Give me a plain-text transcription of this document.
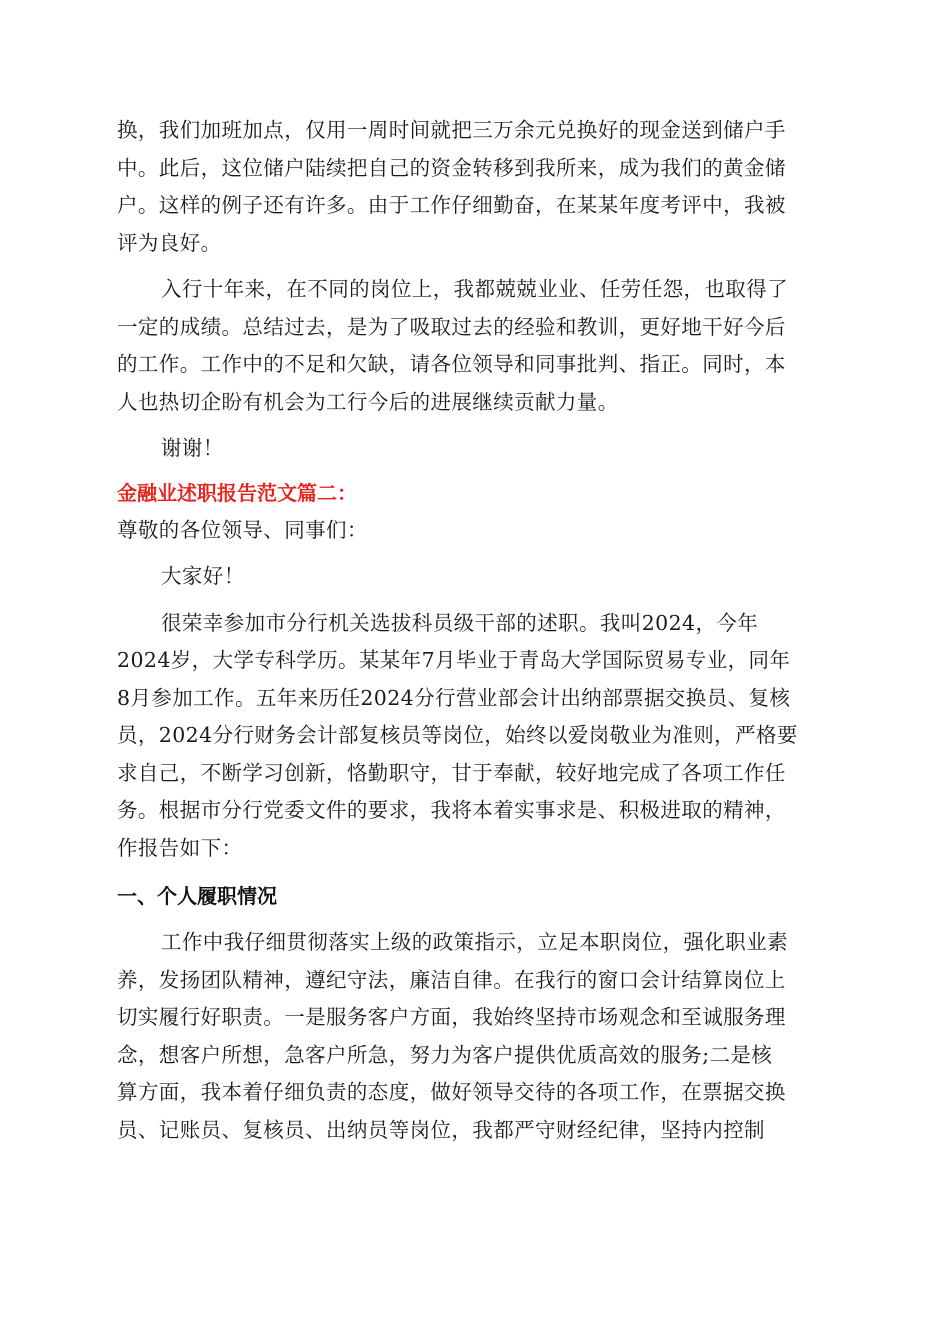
换，我们加班加点，仅用一周时间就把三万余元兑换好的现金送到储户手
中。此后，这位储户陆续把自己的资金转移到我所来，成为我们的黄金储
户。这样的例子还有许多。由于工作仔细勤奋，在某某年度考评中，我被
评为良好。

入行十年来，在不同的岗位上，我都兢兢业业、任劳任怨，也取得了
一定的成绩。总结过去，是为了吸取过去的经验和教训，更好地干好今后
的工作。工作中的不足和欠缺，请各位领导和同事批判、指正。同时，本
人也热切企盼有机会为工行今后的进展继续贡献力量。

谢谢！

金融业述职报告范文篇二：

尊敬的各位领导、同事们：

大家好！

很荣幸参加市分行机关选拔科员级干部的述职。我叫2024，今年
2024岁，大学专科学历。某某年7月毕业于青岛大学国际贸易专业，同年
8月参加工作。五年来历任2024分行营业部会计出纳部票据交换员、复核
员，2024分行财务会计部复核员等岗位，始终以爱岗敬业为准则，严格要
求自己，不断学习创新，恪勤职守，甘于奉献，较好地完成了各项工作任
务。根据市分行党委文件的要求，我将本着实事求是、积极进取的精神，
作报告如下：

一、个人履职情况

工作中我仔细贯彻落实上级的政策指示，立足本职岗位，强化职业素
养，发扬团队精神，遵纪守法，廉洁自律。在我行的窗口会计结算岗位上
切实履行好职责。一是服务客户方面，我始终坚持市场观念和至诚服务理
念，想客户所想，急客户所急，努力为客户提供优质高效的服务;二是核
算方面，我本着仔细负责的态度，做好领导交待的各项工作，在票据交换
员、记账员、复核员、出纳员等岗位，我都严守财经纪律，坚持内控制
